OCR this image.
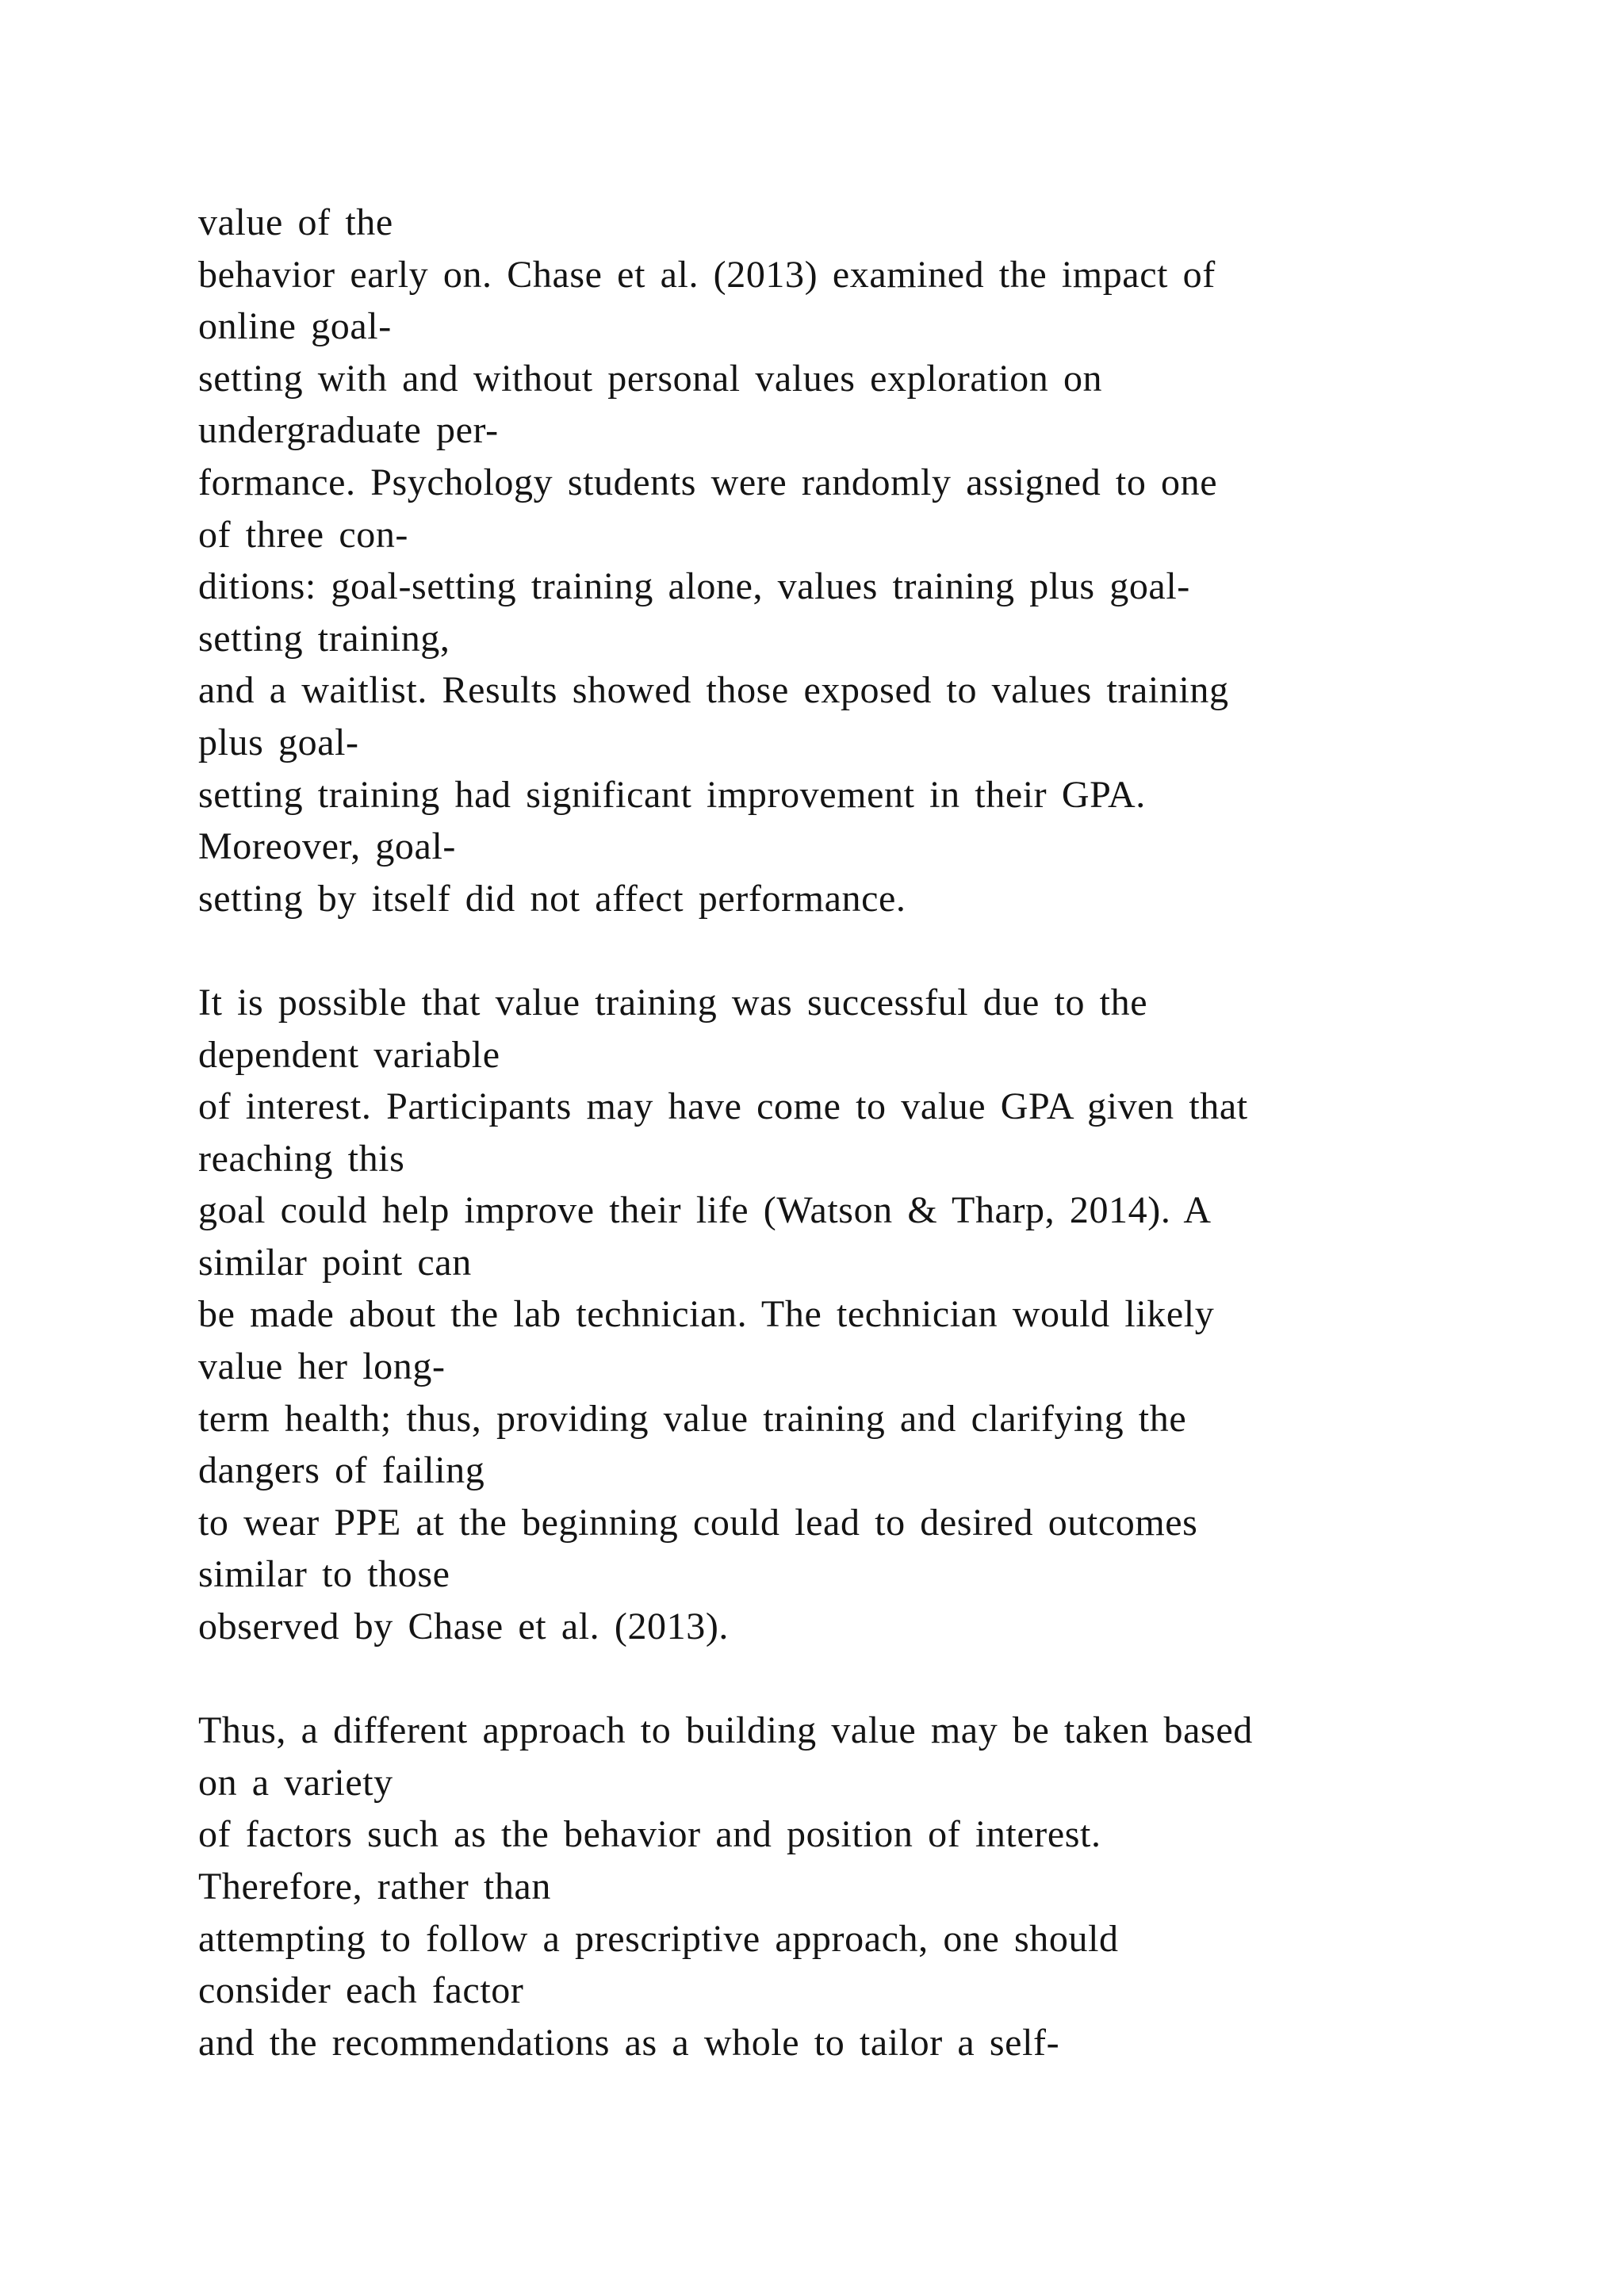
value of the
behavior early on. Chase et al. (2013) examined the impact of
online goal-
setting with and without personal values exploration on
undergraduate per-
formance. Psychology students were randomly assigned to one
of three con-
ditions: goal-setting training alone, values training plus goal-
setting training,
and a waitlist. Results showed those exposed to values training
plus goal-
setting training had significant improvement in their GPA.
Moreover, goal-
setting by itself did not affect performance.
It is possible that value training was successful due to the
dependent variable
of interest. Participants may have come to value GPA given that
reaching this
goal could help improve their life (Watson & Tharp, 2014). A
similar point can
be made about the lab technician. The technician would likely
value her long-
term health; thus, providing value training and clarifying the
dangers of failing
to wear PPE at the beginning could lead to desired outcomes
similar to those
observed by Chase et al. (2013).
Thus, a different approach to building value may be taken based
on a variety
of factors such as the behavior and position of interest.
Therefore, rather than
attempting to follow a prescriptive approach, one should
consider each factor
and the recommendations as a whole to tailor a self-
